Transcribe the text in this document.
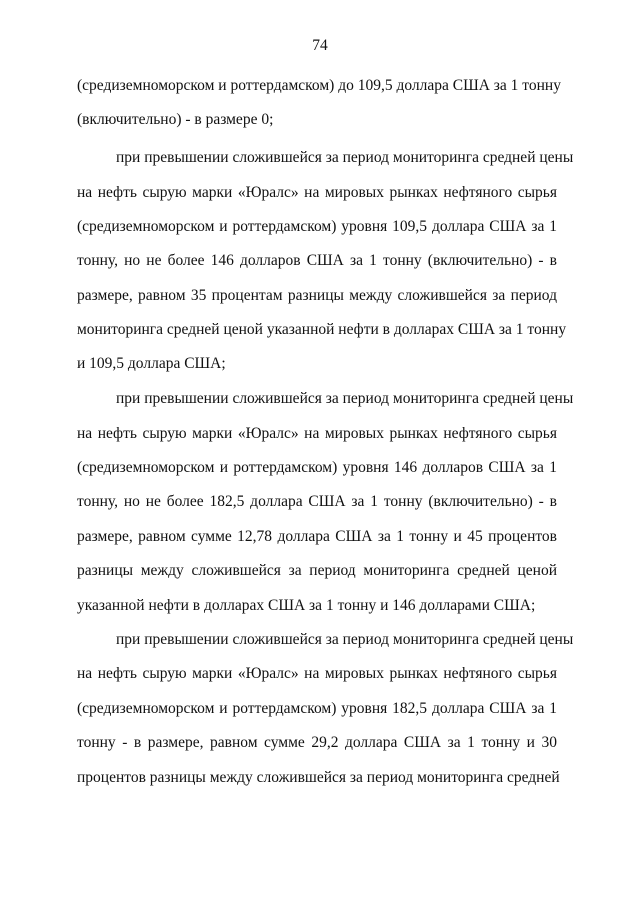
74
(средиземноморском и роттердамском) до 109,5 доллара США за 1 тонну
(включительно) - в размере 0;
при превышении сложившейся за период мониторинга средней цены
на нефть сырую марки «Юралс» на мировых рынках нефтяного сырья
(средиземноморском и роттердамском) уровня 109,5 доллара США за 1
тонну, но не более 146 долларов США за 1 тонну (включительно) - в
размере, равном 35 процентам разницы между сложившейся за период
мониторинга средней ценой указанной нефти в долларах США за 1 тонну
и 109,5 доллара США;
при превышении сложившейся за период мониторинга средней цены
на нефть сырую марки «Юралс» на мировых рынках нефтяного сырья
(средиземноморском и роттердамском) уровня 146 долларов США за 1
тонну, но не более 182,5 доллара США за 1 тонну (включительно) - в
размере, равном сумме 12,78 доллара США за 1 тонну и 45 процентов
разницы между сложившейся за период мониторинга средней ценой
указанной нефти в долларах США за 1 тонну и 146 долларами США;
при превышении сложившейся за период мониторинга средней цены
на нефть сырую марки «Юралс» на мировых рынках нефтяного сырья
(средиземноморском и роттердамском) уровня 182,5 доллара США за 1
тонну - в размере, равном сумме 29,2 доллара США за 1 тонну и 30
процентов разницы между сложившейся за период мониторинга средней
